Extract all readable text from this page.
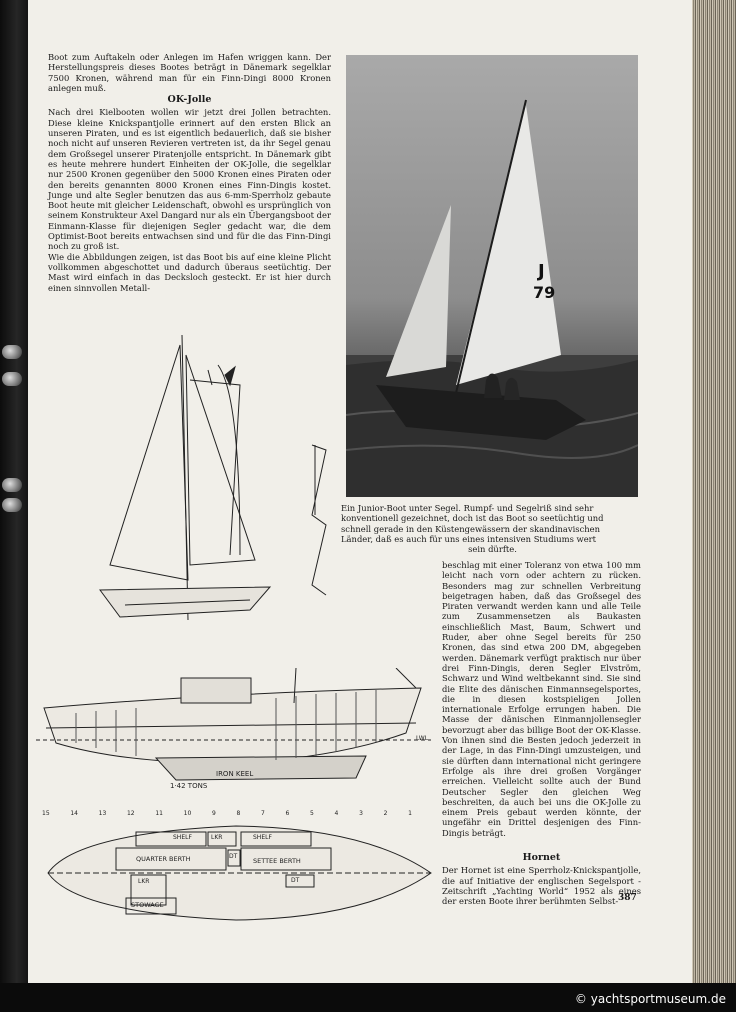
Boot zum Auftakeln oder Anlegen im Hafen wriggen kann. Der Herstellungspreis dieses Bootes beträgt in Dänemark segelklar 7500 Kronen, während man für ein Finn-Dingi 8000 Kronen anlegen muß.

OK-Jolle

Nach drei Kielbooten wollen wir jetzt drei Jollen betrachten. Diese kleine Knickspantjolle erinnert auf den ersten Blick an unseren Piraten, und es ist eigentlich bedauerlich, daß sie bisher noch nicht auf unseren Revieren vertreten ist, da ihr Segel genau dem Großsegel unserer Piratenjolle entspricht. In Dänemark gibt es heute mehrere hundert Einheiten der OK-Jolle, die segelklar nur 2500 Kronen gegenüber den 5000 Kronen eines Piraten oder den bereits genannten 8000 Kronen eines Finn-Dingis kostet. Junge und alte Segler benutzen das aus 6-mm-Sperrholz gebaute Boot heute mit gleicher Leidenschaft, obwohl es ursprünglich von seinem Konstrukteur Axel Dangard nur als ein Übergangsboot der Einmann-Klasse für diejenigen Segler gedacht war, die dem Optimist-Boot bereits entwachsen sind und für die das Finn-Dingi noch zu groß ist.

Wie die Abbildungen zeigen, ist das Boot bis auf eine kleine Plicht vollkommen abgeschottet und dadurch überaus seetüchtig. Der Mast wird einfach in das Decksloch gesteckt. Er ist hier durch einen sinnvollen Metall-

J
79
Ein Junior-Boot unter Segel. Rumpf- und Segelriß sind sehr
konventionell gezeichnet, doch ist das Boot so seetüchtig und
schnell gerade in den Küstengewässern der skandinavischen
Länder, daß es auch für uns eines intensiven Studiums wert
sein dürfte.
IRON KEEL
1·42 TONS
LWL
15	14	13	12	11	10	9	8	7	6	5	4	3	2	1
SHELF	LKR	SHELF
QUARTER BERTH	DT
SETTEE BERTH
LKR	DT
STOWAGE

beschlag mit einer Toleranz von etwa 100 mm leicht nach vorn oder achtern zu rücken. Besonders mag zur schnellen Verbreitung beigetragen haben, daß das Großsegel des Piraten verwandt werden kann und alle Teile zum Zusammensetzen als Baukasten einschließlich Mast, Baum, Schwert und Ruder, aber ohne Segel bereits für 250 Kronen, das sind etwa 200 DM, abgegeben werden. Dänemark verfügt praktisch nur über drei Finn-Dingis, deren Segler Elvström, Schwarz und Wind weltbekannt sind. Sie sind die Elite des dänischen Einmannsegelsportes, die in diesen kostspieligen Jollen internationale Erfolge errungen haben. Die Masse der dänischen Einmannjollensegler bevorzugt aber das billige Boot der OK-Klasse. Von ihnen sind die Besten jedoch jederzeit in der Lage, in das Finn-Dingi umzusteigen, und sie dürften dann international nicht geringere Erfolge als ihre drei großen Vorgänger erreichen. Vielleicht sollte auch der Bund Deutscher Segler den gleichen Weg beschreiten, da auch bei uns die OK-Jolle zu einem Preis gebaut werden könnte, der ungefähr ein Drittel desjenigen des Finn-Dingis beträgt.

Hornet

Der Hornet ist eine Sperrholz-Knickspantjolle, die auf Initiative der englischen Segelsport - Zeitschrift „Yachting World“ 1952 als eines der ersten Boote ihrer berühmten Selbst- 387
© yachtsportmuseum.de
